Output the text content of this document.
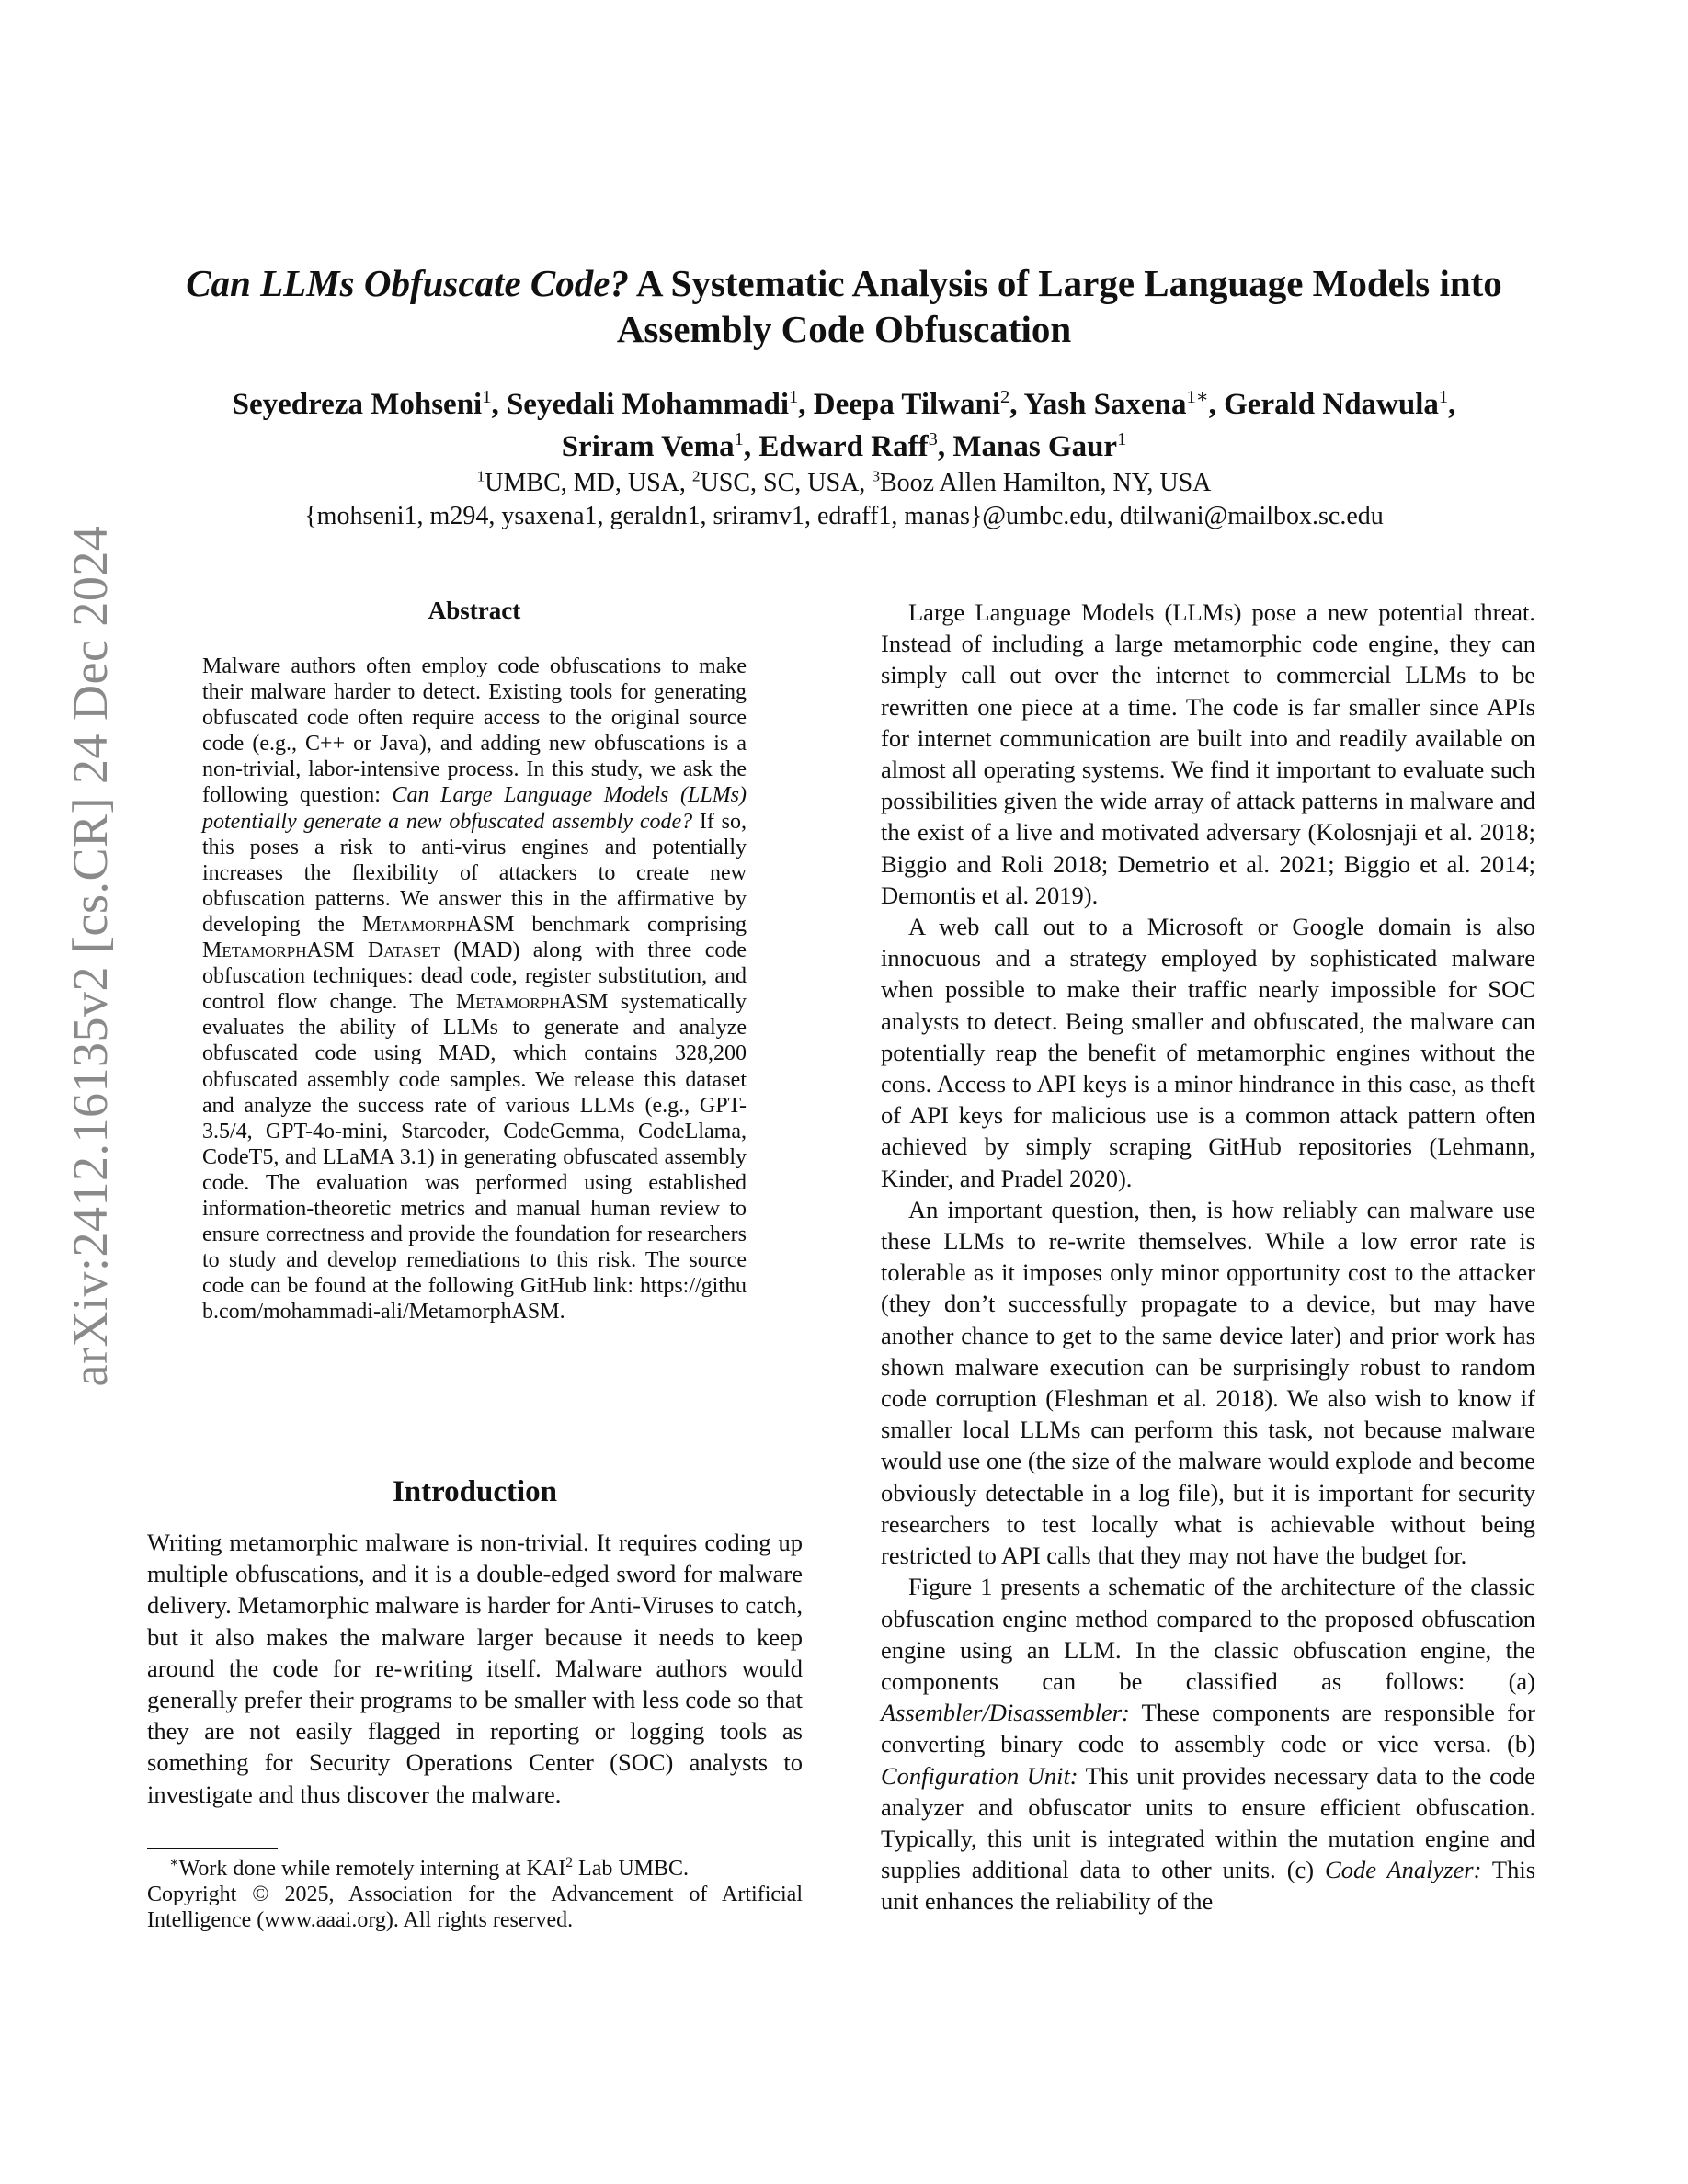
arXiv:2412.16135v2 [cs.CR] 24 Dec 2024
Can LLMs Obfuscate Code? A Systematic Analysis of Large Language Models into Assembly Code Obfuscation
Seyedreza Mohseni$^1$, Seyedali Mohammadi$^1$, Deepa Tilwani$^2$, Yash Saxena$^{1∗}$, Gerald Ndawula$^1$,
Sriram Vema$^1$, Edward Raff$^3$, Manas Gaur$^1$
$^1$UMBC, MD, USA, $^2$USC, SC, USA, $^3$Booz Allen Hamilton, NY, USA
{mohseni1, m294, ysaxena1, geraldn1, sriramv1, edraff1, manas}@umbc.edu, dtilwani@mailbox.sc.edu
Abstract

Malware authors often employ code obfuscations to make their malware harder to detect. Existing tools for generating obfuscated code often require access to the original source code (e.g., C++ or Java), and adding new obfuscations is a non-trivial, labor-intensive process. In this study, we ask the following question: Can Large Language Models (LLMs) potentially generate a new obfuscated assembly code? If so, this poses a risk to anti-virus engines and potentially increases the flexibility of attackers to create new obfuscation patterns. We answer this in the affirmative by developing the MetamorphASM benchmark comprising MetamorphASM Dataset (MAD) along with three code obfuscation techniques: dead code, register substitution, and control flow change. The MetamorphASM systematically evaluates the ability of LLMs to generate and analyze obfuscated code using MAD, which contains 328,200 obfuscated assembly code samples. We release this dataset and analyze the success rate of various LLMs (e.g., GPT-3.5/4, GPT-4o-mini, Starcoder, CodeGemma, CodeLlama, CodeT5, and LLaMA 3.1) in generating obfuscated assembly code. The evaluation was performed using established information-theoretic metrics and manual human review to ensure correctness and provide the foundation for researchers to study and develop remediations to this risk. The source code can be found at the following GitHub link: https://github.com/mohammadi-ali/MetamorphASM.

Introduction

Writing metamorphic malware is non-trivial. It requires coding up multiple obfuscations, and it is a double-edged sword for malware delivery. Metamorphic malware is harder for Anti-Viruses to catch, but it also makes the malware larger because it needs to keep around the code for re-writing itself. Malware authors would generally prefer their programs to be smaller with less code so that they are not easily flagged in reporting or logging tools as something for Security Operations Center (SOC) analysts to investigate and thus discover the malware.

∗Work done while remotely interning at KAI$^2$ Lab UMBC.

Copyright © 2025, Association for the Advancement of Artificial Intelligence (www.aaai.org). All rights reserved.

Large Language Models (LLMs) pose a new potential threat. Instead of including a large metamorphic code engine, they can simply call out over the internet to commercial LLMs to be rewritten one piece at a time. The code is far smaller since APIs for internet communication are built into and readily available on almost all operating systems. We find it important to evaluate such possibilities given the wide array of attack patterns in malware and the exist of a live and motivated adversary (Kolosnjaji et al. 2018; Biggio and Roli 2018; Demetrio et al. 2021; Biggio et al. 2014; Demontis et al. 2019).

A web call out to a Microsoft or Google domain is also innocuous and a strategy employed by sophisticated malware when possible to make their traffic nearly impossible for SOC analysts to detect. Being smaller and obfuscated, the malware can potentially reap the benefit of metamorphic engines without the cons. Access to API keys is a minor hindrance in this case, as theft of API keys for malicious use is a common attack pattern often achieved by simply scraping GitHub repositories (Lehmann, Kinder, and Pradel 2020).

An important question, then, is how reliably can malware use these LLMs to re-write themselves. While a low error rate is tolerable as it imposes only minor opportunity cost to the attacker (they don’t successfully propagate to a device, but may have another chance to get to the same device later) and prior work has shown malware execution can be surprisingly robust to random code corruption (Fleshman et al. 2018). We also wish to know if smaller local LLMs can perform this task, not because malware would use one (the size of the malware would explode and become obviously detectable in a log file), but it is important for security researchers to test locally what is achievable without being restricted to API calls that they may not have the budget for.

Figure 1 presents a schematic of the architecture of the classic obfuscation engine method compared to the proposed obfuscation engine using an LLM. In the classic obfuscation engine, the components can be classified as follows: (a) Assembler/Disassembler: These components are responsible for converting binary code to assembly code or vice versa. (b) Configuration Unit: This unit provides necessary data to the code analyzer and obfuscator units to ensure efficient obfuscation. Typically, this unit is integrated within the mutation engine and supplies additional data to other units. (c) Code Analyzer: This unit enhances the reliability of the
